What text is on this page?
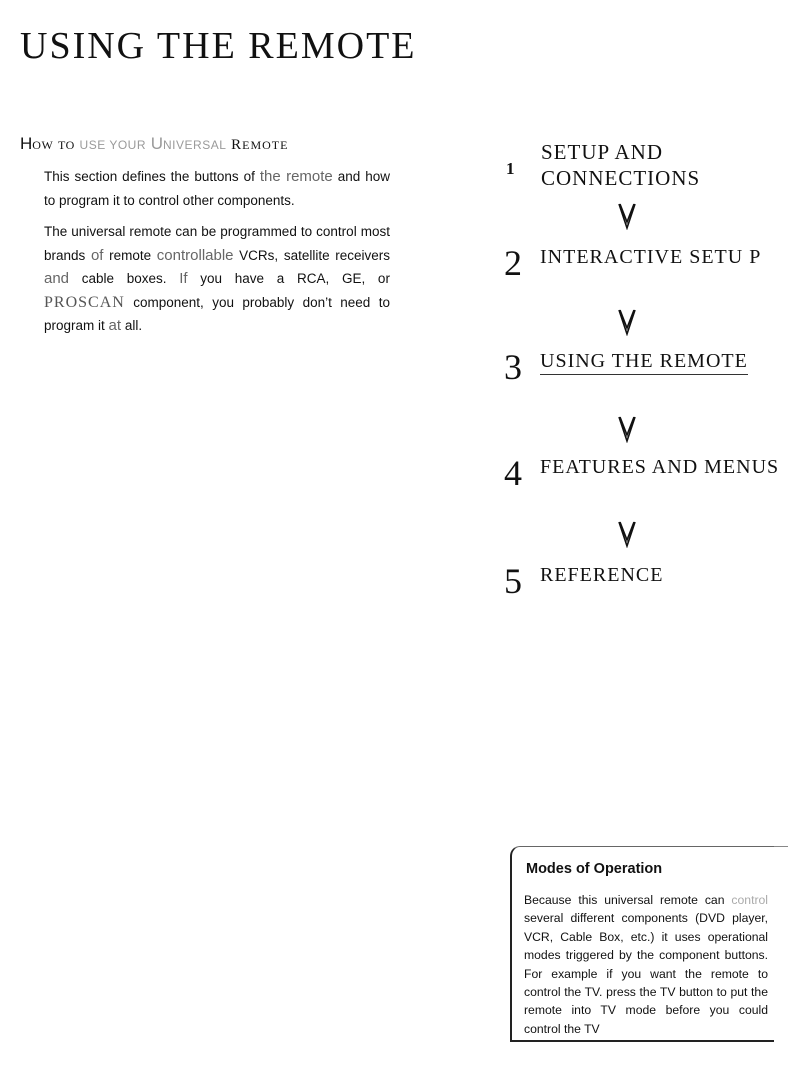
USING THE REMOTE
HOW TO USE YOUR UNIVERSAL REMOTE

This section defines the buttons of the remote and how to program it to control other components.

The universal remote can be programmed to control most brands of remote controllable VCRs, satellite receivers and cable boxes. If you have a RCA, GE, or PROSCAN component, you probably don’t need to program it at all.

1
SETUP AND
CONNECTIONS
2 INTERACTIVE SETU P
3 USING THE REMOTE
4 FEATURES AND MENUS
5 REFERENCE
Modes of Operation

Because this universal remote can control several different components (DVD player, VCR, Cable Box, etc.) it uses operational modes triggered by the component buttons. For example if you want the remote to control the TV. press the TV button to put the remote into TV mode before you could control the TV
